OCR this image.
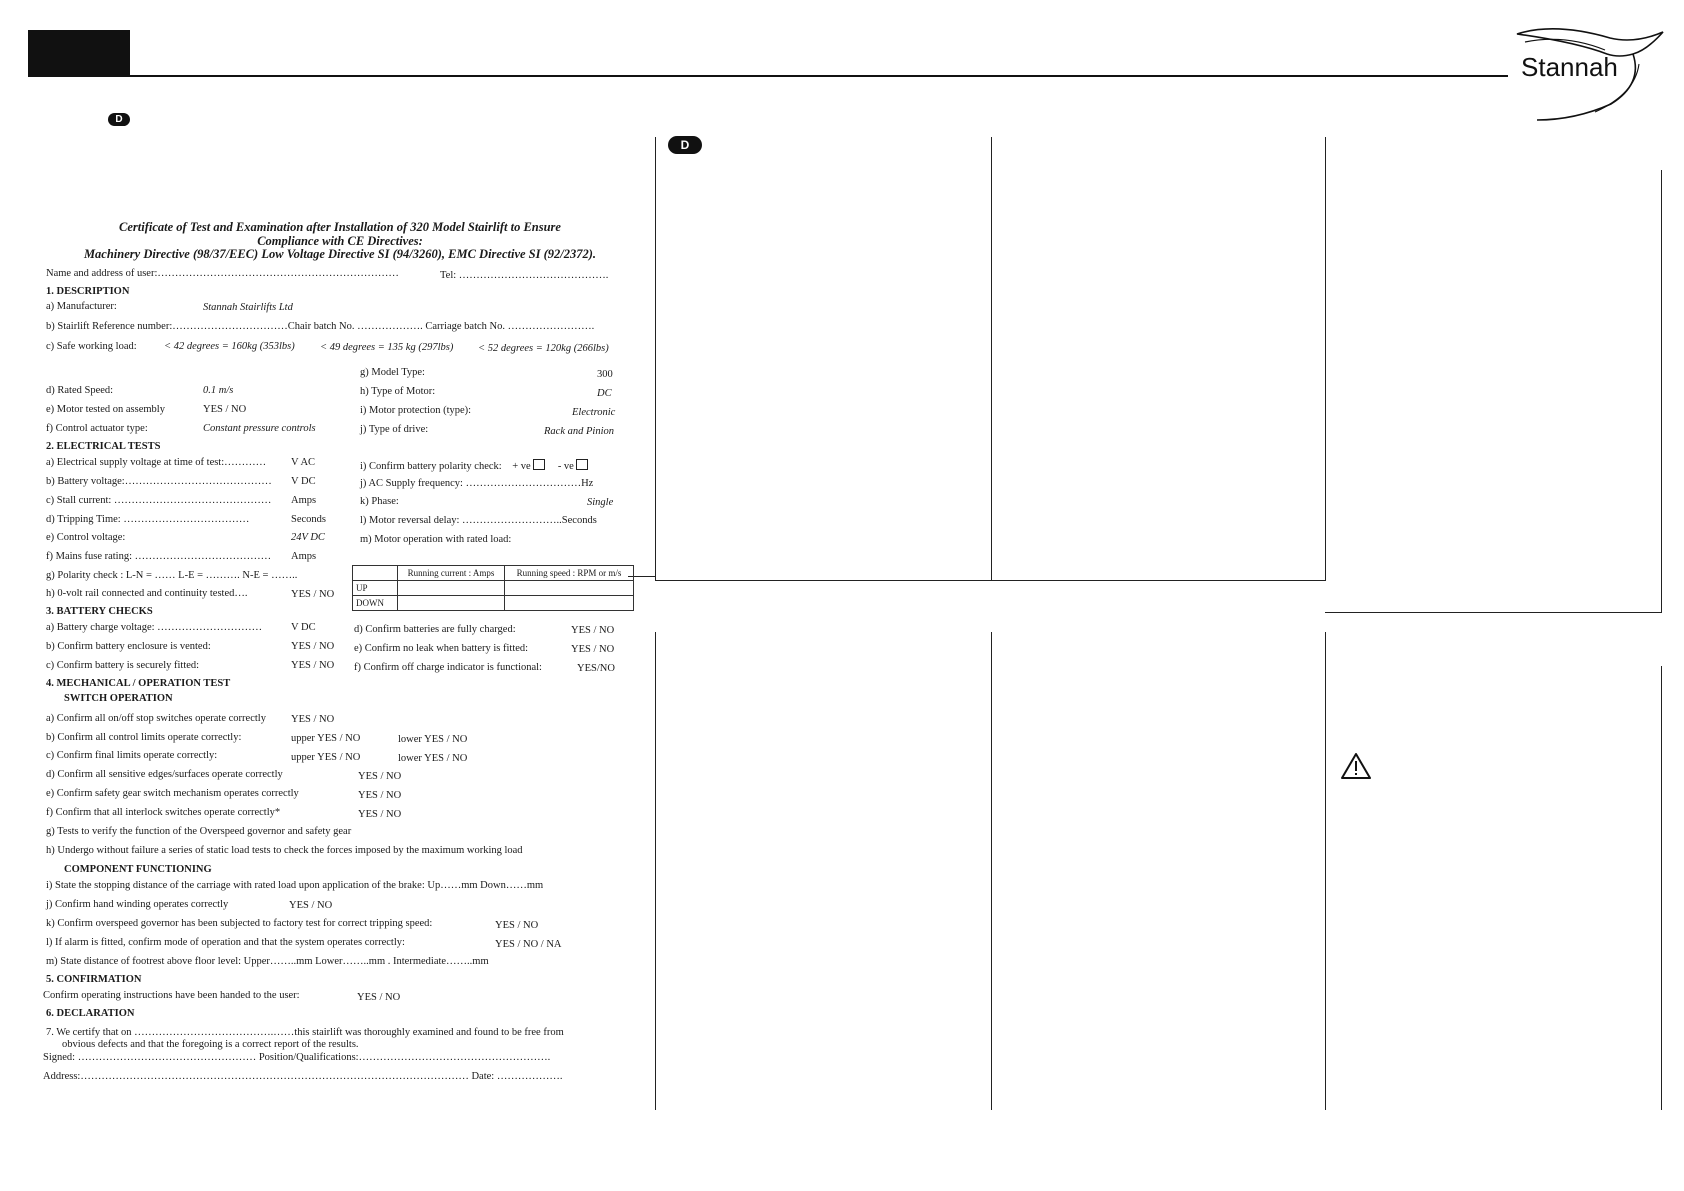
Stannah
D
D
Certificate of Test and Examination after Installation of 320 Model Stairlift to Ensure
Compliance with CE Directives:
Machinery Directive (98/37/EEC) Low Voltage Directive SI (94/3260), EMC Directive SI (92/2372).
Name and address of user:……………………………………………………………	Tel: …………………………………….
1. DESCRIPTION
a) Manufacturer:	Stannah Stairlifts Ltd
b) Stairlift Reference number:……………………………Chair batch No. ………………. Carriage batch No. …………………….
c) Safe working load:	< 42 degrees = 160kg (353lbs) < 49 degrees = 135 kg (297lbs) < 52 degrees = 120kg (266lbs)
g) Model Type:	300
d) Rated Speed:	0.1 m/s	h) Type of Motor:	DC
e) Motor tested on assembly	YES / NO	i) Motor protection (type):	Electronic
f) Control actuator type:	Constant pressure controls	j) Type of drive:	Rack and Pinion
2. ELECTRICAL TESTS
a) Electrical supply voltage at time of test:………… V AC	i) Confirm battery polarity check: + ve	- ve
b) Battery voltage:…………………………………… V DC	j) AC Supply frequency: ……………………………Hz
c) Stall current: ……………………………………… Amps	k) Phase:	Single
d) Tripping Time: ………………………………	Seconds	l) Motor reversal delay: ………………………..Seconds
e) Control voltage:	24V DC	m) Motor operation with rated load:
f) Mains fuse rating: ………………………………… Amps
g) Polarity check : L-N = …… L-E = ………. N-E = ……..
h) 0-volt rail connected and continuity tested….	YES / NO
	Running current : Amps	Running speed : RPM or m/s
UP		
DOWN		
3. BATTERY CHECKS
a) Battery charge voltage: …………………………	V DC	d) Confirm batteries are fully charged:	YES / NO
b) Confirm battery enclosure is vented:	YES / NO e) Confirm no leak when battery is fitted:	YES / NO
c) Confirm battery is securely fitted:	YES / NO f) Confirm off charge indicator is functional:	YES/NO
4. MECHANICAL / OPERATION TEST
SWITCH OPERATION
a) Confirm all on/off stop switches operate correctly YES / NO
b) Confirm all control limits operate correctly:	upper YES / NO	lower YES / NO
c) Confirm final limits operate correctly:	upper YES / NO	lower YES / NO
d) Confirm all sensitive edges/surfaces operate correctly	YES / NO
e) Confirm safety gear switch mechanism operates correctly	YES / NO
f) Confirm that all interlock switches operate correctly*	YES / NO
g) Tests to verify the function of the Overspeed governor and safety gear
h) Undergo without failure a series of static load tests to check the forces imposed by the maximum working load
COMPONENT FUNCTIONING
i) State the stopping distance of the carriage with rated load upon application of the brake: Up……mm Down……mm
j) Confirm hand winding operates correctly	YES / NO
k) Confirm overspeed governor has been subjected to factory test for correct tripping speed:	YES / NO
l) If alarm is fitted, confirm mode of operation and that the system operates correctly:	YES / NO / NA
m) State distance of footrest above floor level: Upper……..mm Lower……..mm . Intermediate……..mm
5. CONFIRMATION
Confirm operating instructions have been handed to the user:	YES / NO
6. DECLARATION
7. We certify that on ………………………………….……this stairlift was thoroughly examined and found to be free from
obvious defects and that the foregoing is a correct report of the results.
Signed: …………………………………………… Position/Qualifications:……………………………………………….
Address:………………………………………………………………………………………………… Date: ……………….
